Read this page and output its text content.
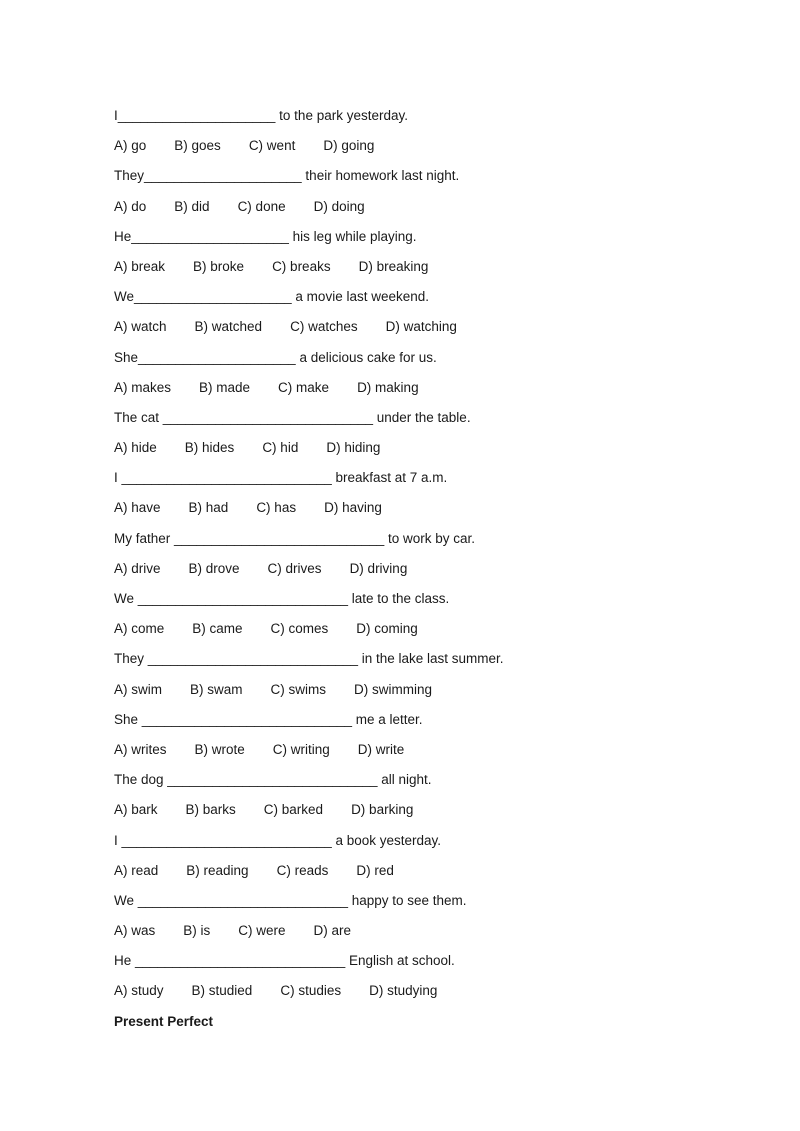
I_____________________ to the park yesterday.
A) go B) goes C) went D) going
They_____________________ their homework last night.
A) do B) did C) done D) doing
He_____________________ his leg while playing.
A) break B) broke C) breaks D) breaking
We_____________________ a movie last weekend.
A) watch B) watched C) watches D) watching
She_____________________ a delicious cake for us.
A) makes B) made C) make D) making
The cat ____________________________ under the table.
A) hide B) hides C) hid D) hiding
I ____________________________ breakfast at 7 a.m.
A) have B) had C) has D) having
My father ____________________________ to work by car.
A) drive B) drove C) drives D) driving
We ____________________________ late to the class.
A) come B) came C) comes D) coming
They ____________________________ in the lake last summer.
A) swim B) swam C) swims D) swimming
She ____________________________ me a letter.
A) writes B) wrote C) writing D) write
The dog ____________________________ all night.
A) bark B) barks C) barked D) barking
I ____________________________ a book yesterday.
A) read B) reading C) reads D) red
We ____________________________ happy to see them.
A) was B) is C) were D) are
He ____________________________ English at school.
A) study B) studied C) studies D) studying
Present Perfect
